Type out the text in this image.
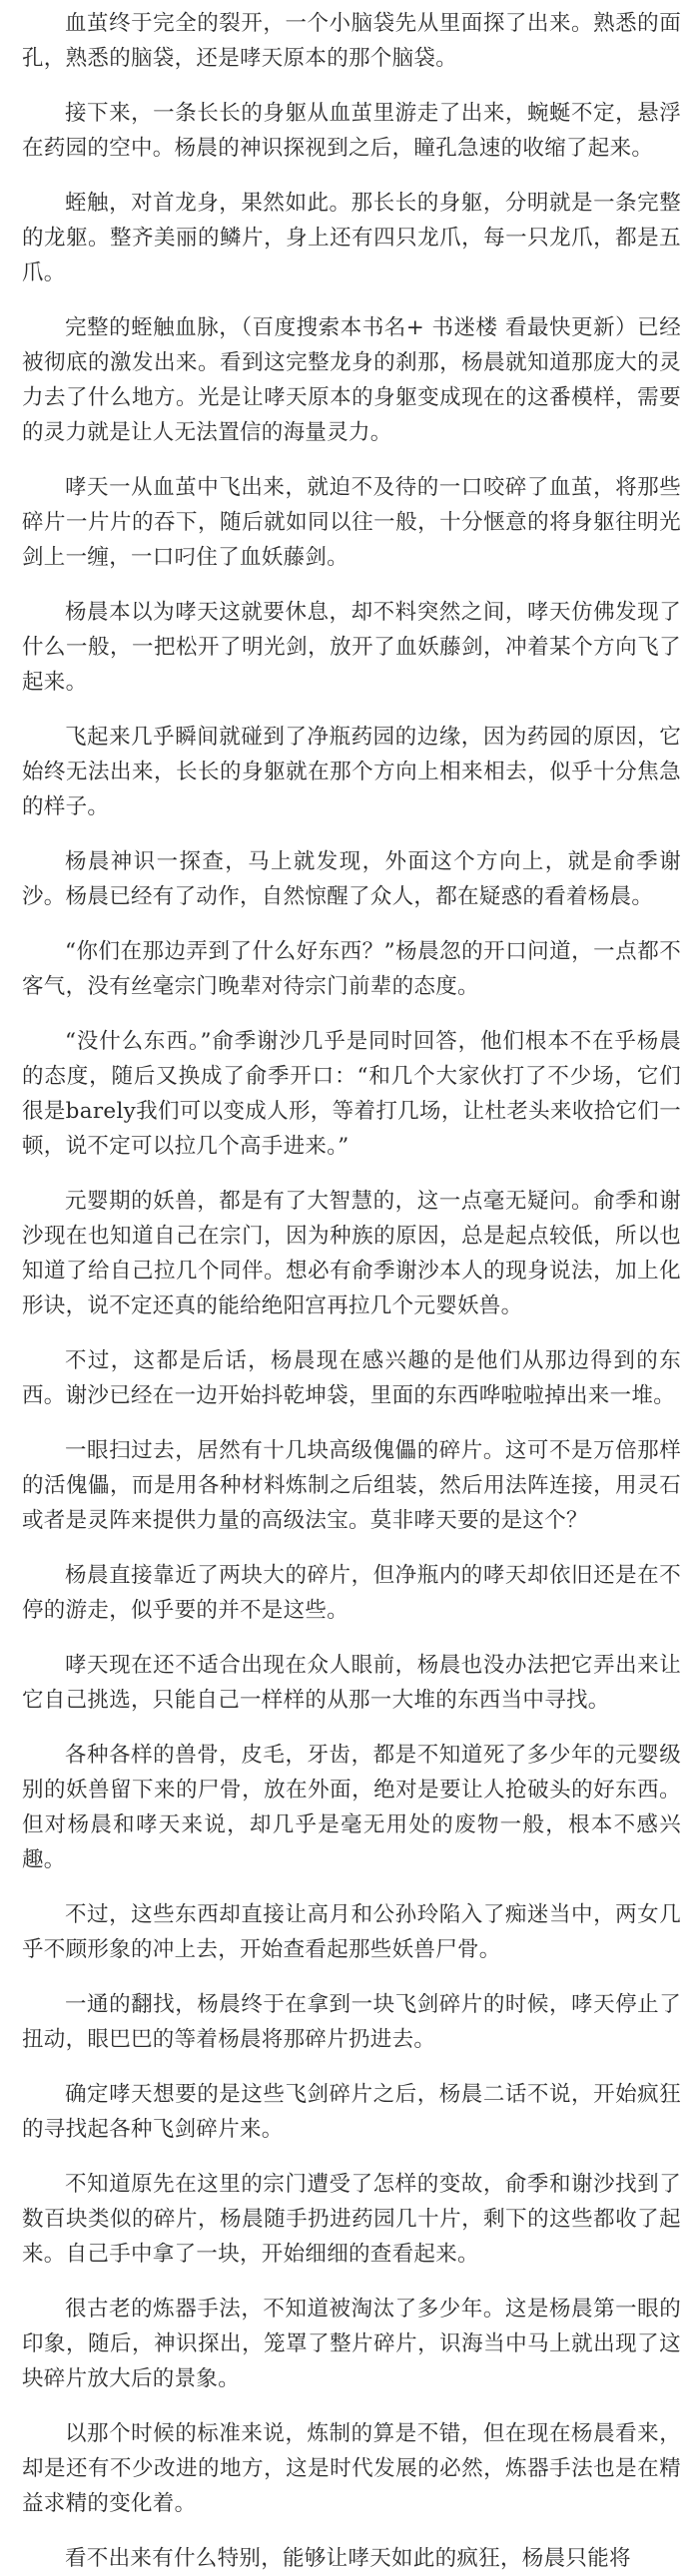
血茧终于完全的裂开，一个小脑袋先从里面探了出来。熟悉的面孔，熟悉的脑袋，还是哮天原本的那个脑袋。

接下来，一条长长的身躯从血茧里游走了出来，蜿蜒不定，悬浮在药园的空中。杨晨的神识探视到之后，瞳孔急速的收缩了起来。

蛭触，对首龙身，果然如此。那长长的身躯，分明就是一条完整的龙躯。整齐美丽的鳞片，身上还有四只龙爪，每一只龙爪，都是五爪。

完整的蛭触血脉，（百度搜索本书名+ 书迷楼 看最快更新）已经被彻底的激发出来。看到这完整龙身的刹那，杨晨就知道那庞大的灵力去了什么地方。光是让哮天原本的身躯变成现在的这番模样，需要的灵力就是让人无法置信的海量灵力。

哮天一从血茧中飞出来，就迫不及待的一口咬碎了血茧，将那些碎片一片片的吞下，随后就如同以往一般，十分惬意的将身躯往明光剑上一缠，一口叼住了血妖藤剑。

杨晨本以为哮天这就要休息，却不料突然之间，哮天仿佛发现了什么一般，一把松开了明光剑，放开了血妖藤剑，冲着某个方向飞了起来。

飞起来几乎瞬间就碰到了净瓶药园的边缘，因为药园的原因，它始终无法出来，长长的身躯就在那个方向上相来相去，似乎十分焦急的样子。

杨晨神识一探查，马上就发现，外面这个方向上，就是俞季谢沙。杨晨已经有了动作，自然惊醒了众人，都在疑惑的看着杨晨。

“你们在那边弄到了什么好东西？”杨晨忽的开口问道，一点都不客气，没有丝毫宗门晚辈对待宗门前辈的态度。

“没什么东西。”俞季谢沙几乎是同时回答，他们根本不在乎杨晨的态度，随后又换成了俞季开口：“和几个大家伙打了不少场，它们很是barely我们可以变成人形，等着打几场，让杜老头来收拾它们一顿，说不定可以拉几个高手进来。”

元婴期的妖兽，都是有了大智慧的，这一点毫无疑问。俞季和谢沙现在也知道自己在宗门，因为种族的原因，总是起点较低，所以也知道了给自己拉几个同伴。想必有俞季谢沙本人的现身说法，加上化形诀，说不定还真的能给绝阳宫再拉几个元婴妖兽。

不过，这都是后话，杨晨现在感兴趣的是他们从那边得到的东西。谢沙已经在一边开始抖乾坤袋，里面的东西哗啦啦掉出来一堆。

一眼扫过去，居然有十几块高级傀儡的碎片。这可不是万倍那样的活傀儡，而是用各种材料炼制之后组装，然后用法阵连接，用灵石或者是灵阵来提供力量的高级法宝。莫非哮天要的是这个？

杨晨直接靠近了两块大的碎片，但净瓶内的哮天却依旧还是在不停的游走，似乎要的并不是这些。

哮天现在还不适合出现在众人眼前，杨晨也没办法把它弄出来让它自己挑选，只能自己一样样的从那一大堆的东西当中寻找。

各种各样的兽骨，皮毛，牙齿，都是不知道死了多少年的元婴级别的妖兽留下来的尸骨，放在外面，绝对是要让人抢破头的好东西。但对杨晨和哮天来说，却几乎是毫无用处的废物一般，根本不感兴趣。

不过，这些东西却直接让高月和公孙玲陷入了痴迷当中，两女几乎不顾形象的冲上去，开始查看起那些妖兽尸骨。

一通的翻找，杨晨终于在拿到一块飞剑碎片的时候，哮天停止了扭动，眼巴巴的等着杨晨将那碎片扔进去。

确定哮天想要的是这些飞剑碎片之后，杨晨二话不说，开始疯狂的寻找起各种飞剑碎片来。

不知道原先在这里的宗门遭受了怎样的变故，俞季和谢沙找到了数百块类似的碎片，杨晨随手扔进药园几十片，剩下的这些都收了起来。自己手中拿了一块，开始细细的查看起来。

很古老的炼器手法，不知道被淘汰了多少年。这是杨晨第一眼的印象，随后，神识探出，笼罩了整片碎片，识海当中马上就出现了这块碎片放大后的景象。

以那个时候的标准来说，炼制的算是不错，但在现在杨晨看来，却是还有不少改进的地方，这是时代发展的必然，炼器手法也是在精益求精的变化着。

看不出来有什么特别，能够让哮天如此的疯狂，杨晨只能将
